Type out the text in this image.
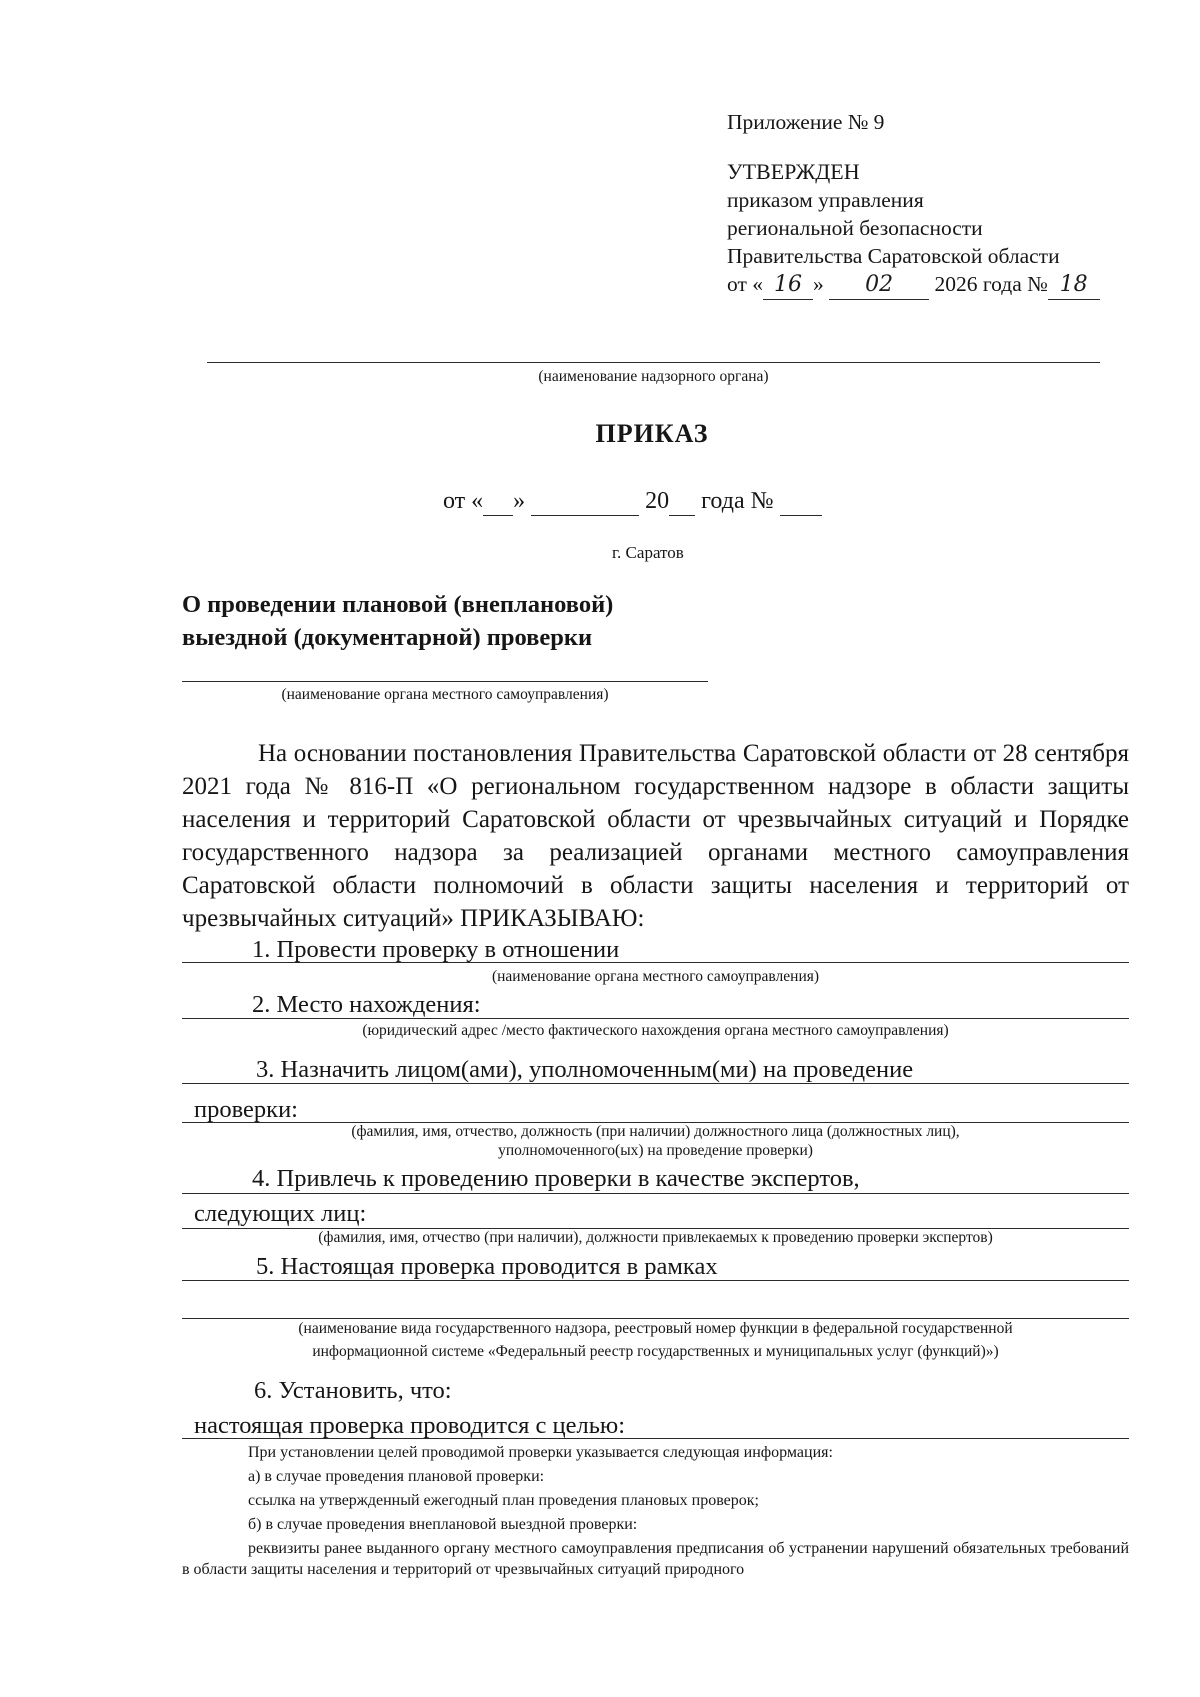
Приложение № 9
УТВЕРЖДЕН
приказом управления
региональной безопасности
Правительства Саратовской области
от « 16 » 02 2026 года № 18
(наименование надзорного органа)
ПРИКАЗ
от « »	20 года №
г. Саратов
О проведении плановой (внеплановой)
выездной (документарной) проверки
(наименование органа местного самоуправления)
На основании постановления Правительства Саратовской области от 28 сентября 2021 года № 816-П «О региональном государственном надзоре в области защиты населения и территорий Саратовской области от чрезвычайных ситуаций и Порядке государственного надзора за реализацией органами местного самоуправления Саратовской области полномочий в области защиты населения и территорий от чрезвычайных ситуаций» ПРИКАЗЫВАЮ:
1. Провести проверку в отношении
(наименование органа местного самоуправления)
2. Место нахождения:
(юридический адрес /место фактического нахождения органа местного самоуправления)
3. Назначить лицом(ами), уполномоченным(ми) на проведение
проверки:
(фамилия, имя, отчество, должность (при наличии) должностного лица (должностных лиц),
уполномоченного(ых) на проведение проверки)
4. Привлечь к проведению проверки в качестве экспертов,
следующих лиц:
(фамилия, имя, отчество (при наличии), должности привлекаемых к проведению проверки экспертов)
5. Настоящая проверка проводится в рамках
(наименование вида государственного надзора, реестровый номер функции в федеральной государственной
информационной системе «Федеральный реестр государственных и муниципальных услуг (функций)»)
6. Установить, что:
настоящая проверка проводится с целью:
При установлении целей проводимой проверки указывается следующая информация:
а) в случае проведения плановой проверки:
ссылка на утвержденный ежегодный план проведения плановых проверок;
б) в случае проведения внеплановой выездной проверки:
реквизиты ранее выданного органу местного самоуправления предписания об устранении нарушений обязательных требований в области защиты населения и территорий от чрезвычайных ситуаций природного
